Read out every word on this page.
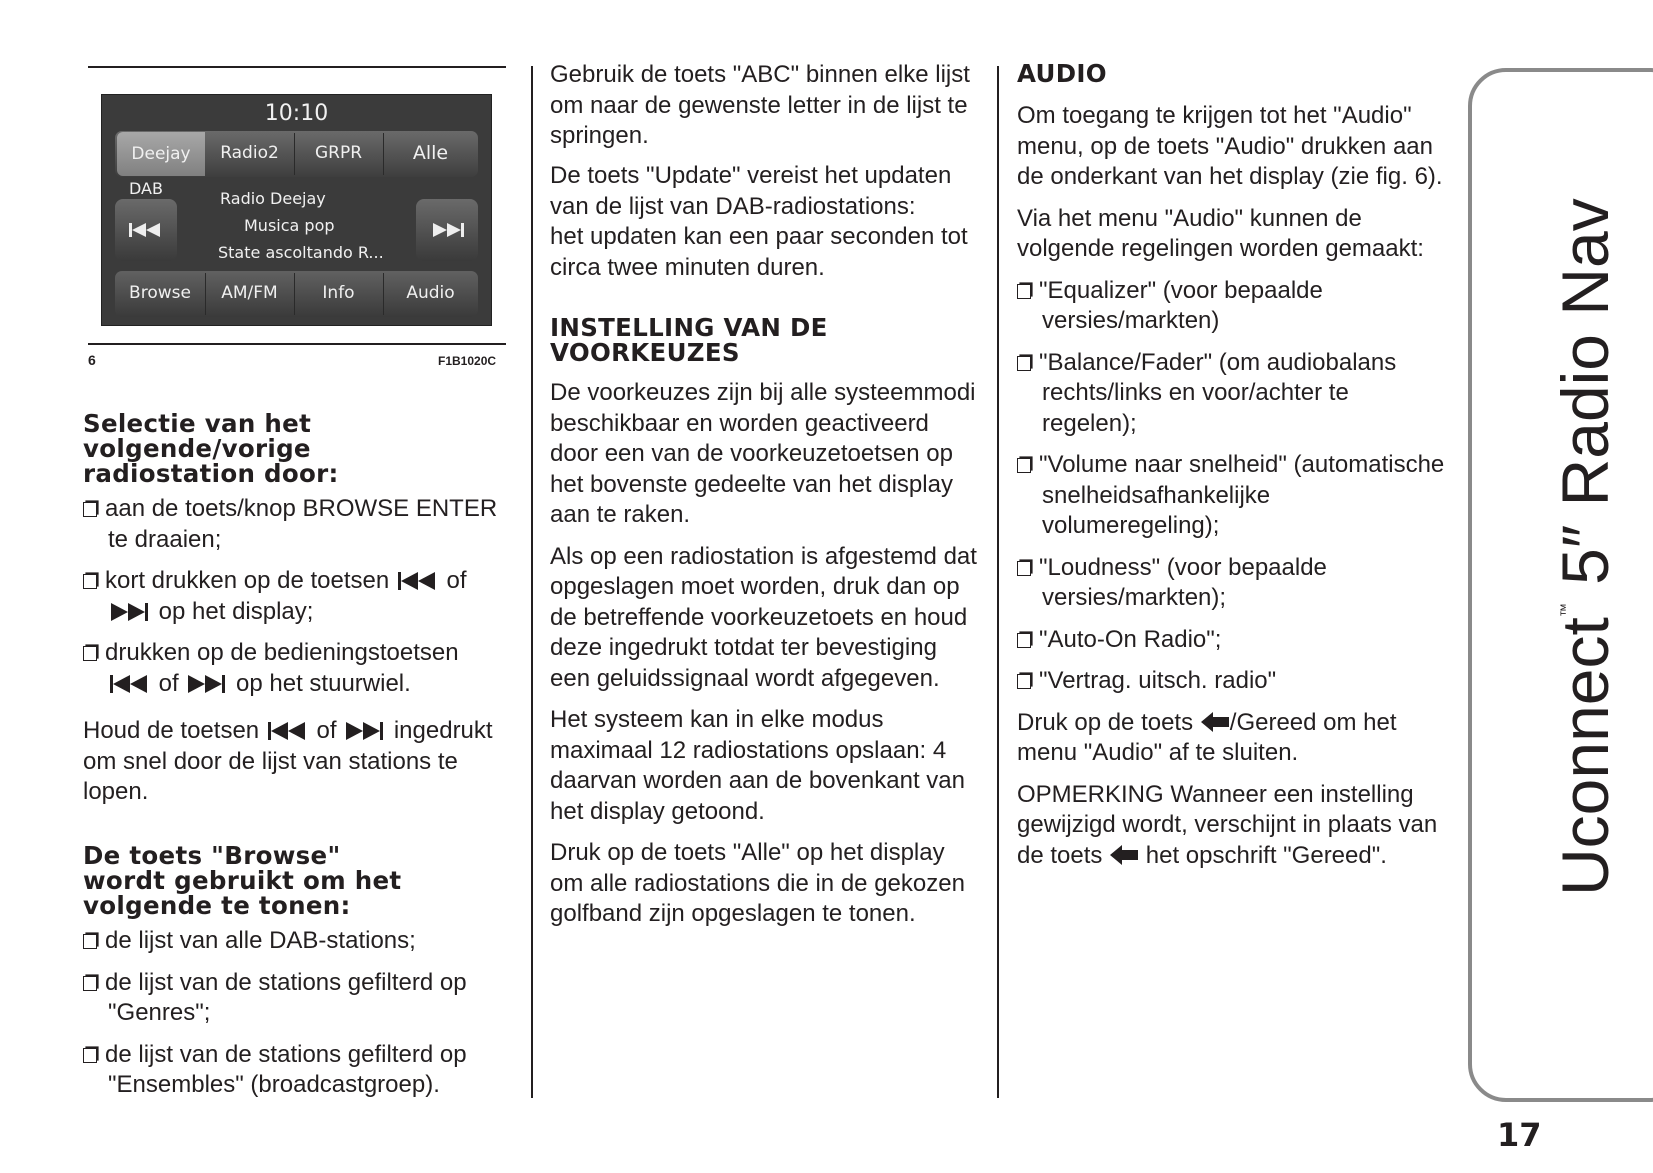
10:10
Deejay	Radio2	GRPR	Alle
DAB
Radio Deejay
Musica pop
State ascoltando R...
Browse	AM/FM	Info	Audio
6	F1B1020C
Selectie van het
volgende/vorige
radiostation door:
aan de toets/knop BROWSE ENTER te draaien;
kort drukken op de toetsen of  op het display;
drukken op de bedieningstoetsen  of op het stuurwiel.

Houd de toetsen of ingedrukt om snel door de lijst van stations te lopen.

De toets "Browse"
wordt gebruikt om het
volgende te tonen:
de lijst van alle DAB-stations;
de lijst van de stations gefilterd op "Genres";
de lijst van de stations gefilterd op "Ensembles" (broadcastgroep).

Gebruik de toets "ABC" binnen elke lijst om naar de gewenste letter in de lijst te springen.

De toets "Update" vereist het updaten van de lijst van DAB-radiostations:
het updaten kan een paar seconden tot circa twee minuten duren.
INSTELLING VAN DE
VOORKEUZES

De voorkeuzes zijn bij alle systeemmodi beschikbaar en worden geactiveerd door een van de voorkeuzetoetsen op het bovenste gedeelte van het display aan te raken.

Als op een radiostation is afgestemd dat opgeslagen moet worden, druk dan op de betreffende voorkeuzetoets en houd deze ingedrukt totdat ter bevestiging een geluidssignaal wordt afgegeven.

Het systeem kan in elke modus maximaal 12 radiostations opslaan: 4 daarvan worden aan de bovenkant van het display getoond.

Druk op de toets "Alle" op het display om alle radiostations die in de gekozen golfband zijn opgeslagen te tonen.

AUDIO

Om toegang te krijgen tot het "Audio" menu, op de toets "Audio" drukken aan de onderkant van het display (zie fig. 6).

Via het menu "Audio" kunnen de volgende regelingen worden gemaakt:

"Equalizer" (voor bepaalde versies/markten)
"Balance/Fader" (om audiobalans rechts/links en voor/achter te regelen);
"Volume naar snelheid" (automatische snelheidsafhankelijke volumeregeling);
"Loudness" (voor bepaalde versies/markten);
"Auto-On Radio";
"Vertrag. uitsch. radio"

Druk op de toets /Gereed om het menu "Audio" af te sluiten.

OPMERKING Wanneer een instelling gewijzigd wordt, verschijnt in plaats van de toets het opschrift "Gereed".	Uconnect™ 5″ Radio Nav
17
